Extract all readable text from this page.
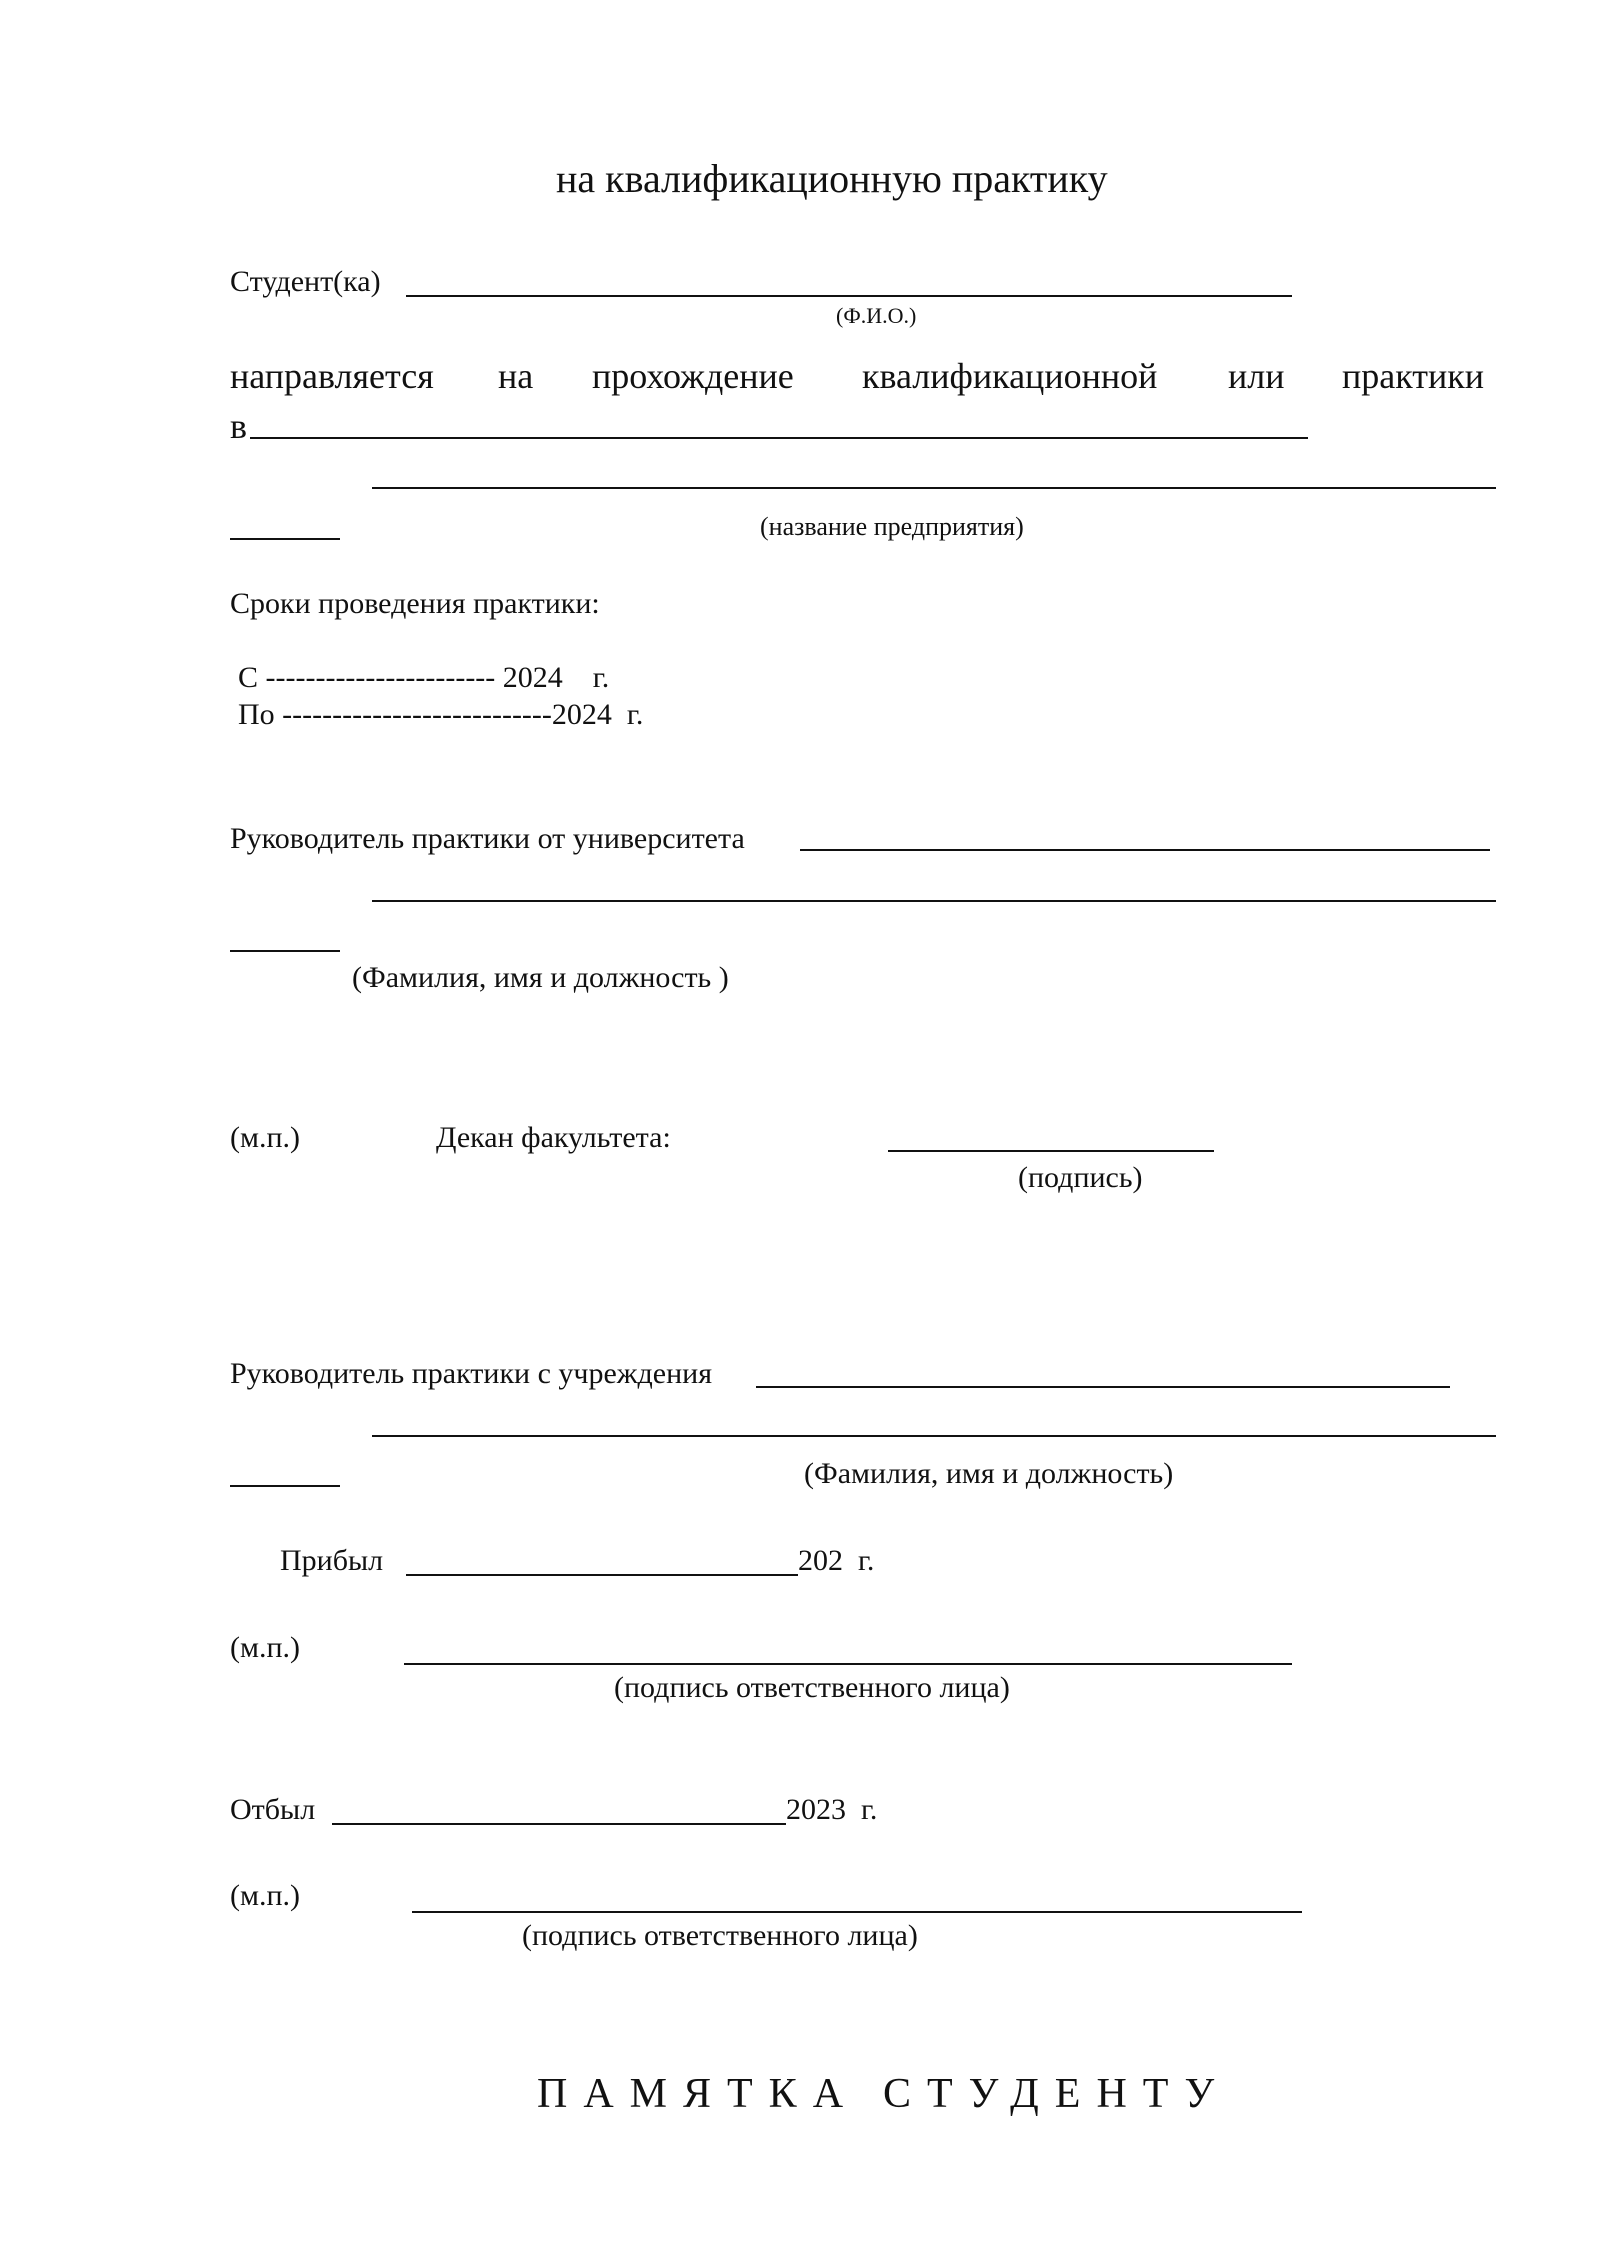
на квалификационную практику
Студент(ка)
(Ф.И.О.)
направляется на прохождение квалификационной или практики
в
(название предприятия)
Сроки проведения практики:
С ----------------------- 2024    г.
По ---------------------------2024  г.
Руководитель практики от университета
(Фамилия, имя и должность )
(м.п.)	Декан факультета:
(подпись)
Руководитель практики с учреждения
(Фамилия, имя и должность)
Прибыл	202  г.
(м.п.)
(подпись ответственного лица)
Отбыл	2023  г.
(м.п.)
(подпись ответственного лица)
ПАМЯТКА СТУДЕНТУ
